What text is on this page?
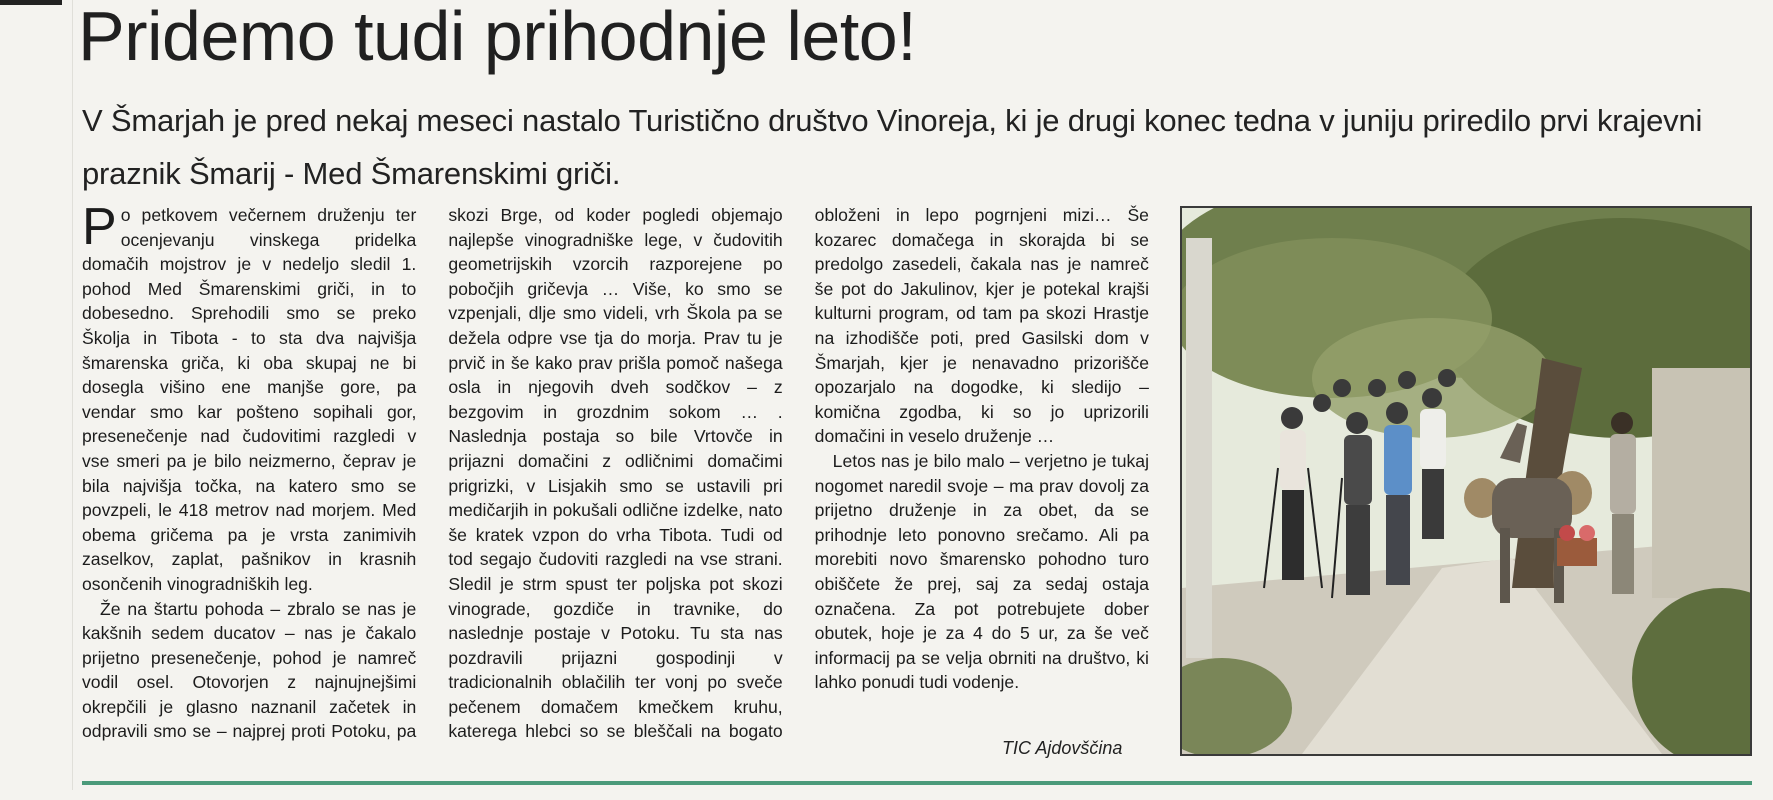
Pridemo tudi prihodnje leto!

V Šmarjah je pred nekaj meseci nastalo Turistično društvo Vinoreja, ki je drugi konec tedna v juniju priredilo prvi krajevni praznik Šmarij - Med Šmarenskimi griči.

Po petkovem večernem druženju ter ocenjevanju vinskega pridelka domačih mojstrov je v nedeljo sledil 1. pohod Med Šmarenskimi griči, in to dobesedno. Sprehodili smo se preko Školja in Tibota - to sta dva najvišja šmarenska griča, ki oba skupaj ne bi dosegla višino ene manjše gore, pa vendar smo kar pošteno sopihali gor, presenečenje nad čudovitimi razgledi v vse smeri pa je bilo neizmerno, čeprav je bila najvišja točka, na katero smo se povzpeli, le 418 metrov nad morjem. Med obema gričema pa je vrsta zanimivih zaselkov, zaplat, pašnikov in krasnih osončenih vinogradniških leg.

Že na štartu pohoda – zbralo se nas je kakšnih sedem ducatov – nas je čakalo prijetno presenečenje, pohod je namreč vodil osel. Otovorjen z najnujnejšimi okrepčili je glasno naznanil začetek in odpravili smo se – najprej proti Potoku, pa skozi Brge, od koder pogledi objemajo najlepše vinogradniške lege, v čudovitih geometrijskih vzorcih razporejene po pobočjih gričevja … Više, ko smo se vzpenjali, dlje smo videli, vrh Škola pa se dežela odpre vse tja do morja. Prav tu je prvič in še kako prav prišla pomoč našega osla in njegovih dveh sodčkov – z bezgovim in grozdnim sokom … . Naslednja postaja so bile Vrtovče in prijazni domačini z odličnimi domačimi prigrizki, v Lisjakih smo se ustavili pri medičarjih in pokušali odlične izdelke, nato še kratek vzpon do vrha Tibota. Tudi od tod segajo čudoviti razgledi na vse strani. Sledil je strm spust ter poljska pot skozi vinograde, gozdiče in travnike, do naslednje postaje v Potoku. Tu sta nas pozdravili prijazni gospodinji v tradicionalnih oblačilih ter vonj po sveče pečenem domačem kmečkem kruhu, katerega hlebci so se bleščali na bogato obloženi in lepo pogrnjeni mizi… Še kozarec domačega in skorajda bi se predolgo zasedeli, čakala nas je namreč še pot do Jakulinov, kjer je potekal krajši kulturni program, od tam pa skozi Hrastje na izhodišče poti, pred Gasilski dom v Šmarjah, kjer je nenavadno prizorišče opozarjalo na dogodke, ki sledijo – komična zgodba, ki so jo uprizorili domačini in veselo druženje …

Letos nas je bilo malo – verjetno je tukaj nogomet naredil svoje – ma prav dovolj za prijetno druženje in za obet, da se prihodnje leto ponovno srečamo. Ali pa morebiti novo šmarensko pohodno turo obiščete že prej, saj za sedaj ostaja označena. Za pot potrebujete dober obutek, hoje je za 4 do 5 ur, za še več informacij pa se velja obrniti na društvo, ki lahko ponudi tudi vodenje.

TIC Ajdovščina
